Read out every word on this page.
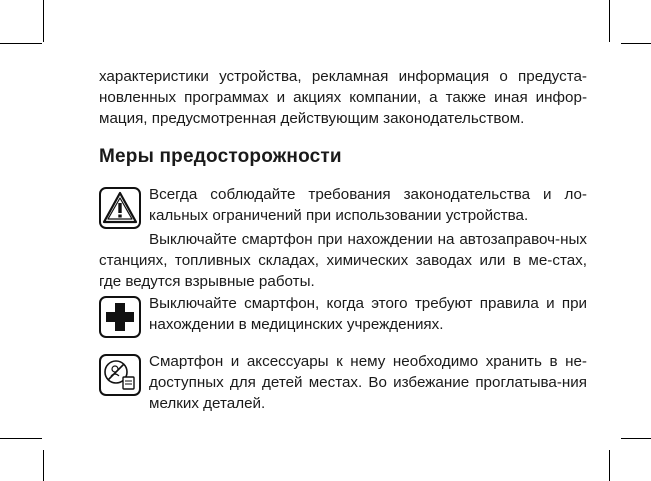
характеристики устройства, рекламная информация о предуста-новленных программах и акциях компании, а также иная инфор-мация, предусмотренная действующим законодательством.
Меры предосторожности
Всегда соблюдайте требования законодательства и ло-кальных ограничений при использовании устройства.
Выключайте смартфон при нахождении на автозаправоч-ных станциях, топливных складах, химических заводах или в ме-стах, где ведутся взрывные работы.
Выключайте смартфон, когда этого требуют правила и при нахождении в медицинских учреждениях.
Смартфон и аксессуары к нему необходимо хранить в не-доступных для детей местах. Во избежание проглатыва-ния мелких деталей.
